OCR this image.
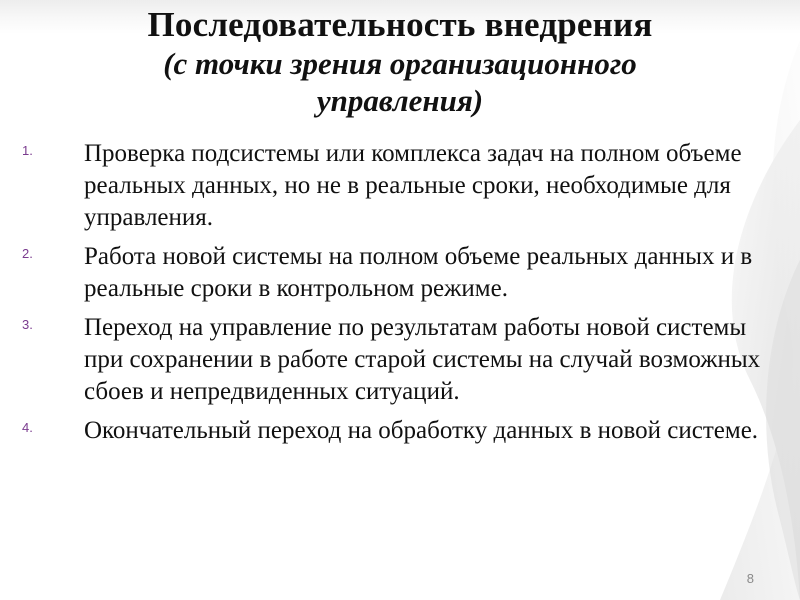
Последовательность внедрения
(с точки зрения организационного
управления)
1. Проверка подсистемы или комплекса задач на полном объеме реальных данных, но не в реальные сроки, необходимые для управления.
2. Работа новой системы на полном объеме реальных данных и в реальные сроки в контрольном режиме.
3. Переход на управление по результатам работы новой системы при сохранении в работе старой системы на случай возможных сбоев и непредвиденных ситуаций.
4. Окончательный переход на обработку данных в новой системе.
8
